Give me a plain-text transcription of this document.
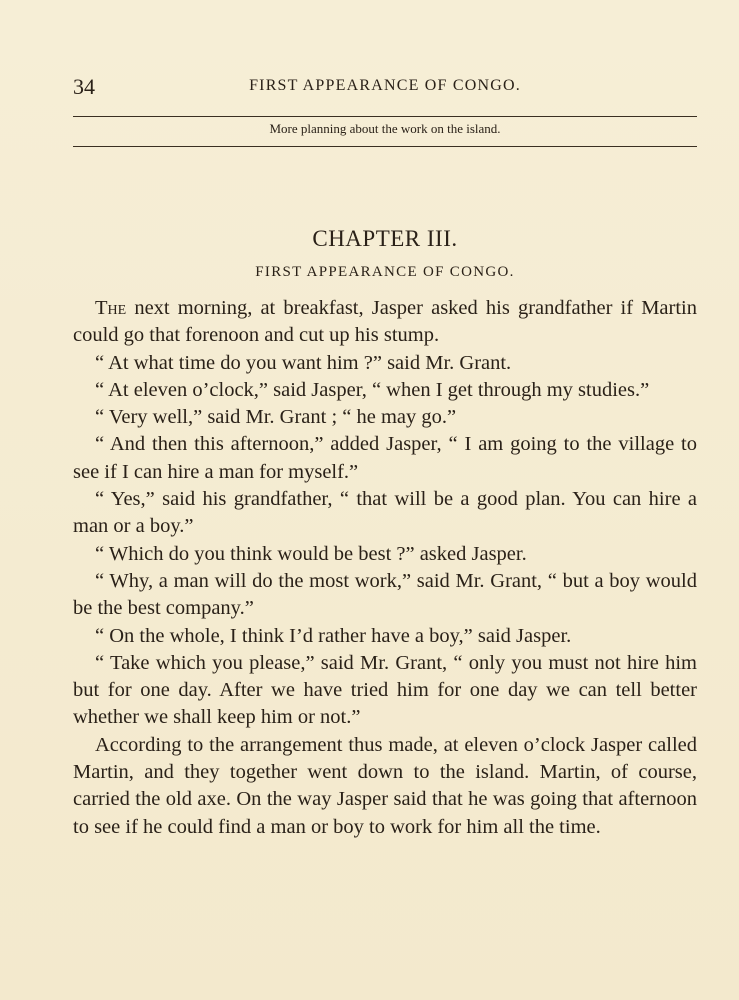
34	FIRST APPEARANCE OF CONGO.
More planning about the work on the island.
CHAPTER III.
FIRST APPEARANCE OF CONGO.

The next morning, at breakfast, Jasper asked his grandfather if Martin could go that forenoon and cut up his stump.

“ At what time do you want him ?” said Mr. Grant.

“ At eleven o’clock,” said Jasper, “ when I get through my studies.”

“ Very well,” said Mr. Grant ; “ he may go.”

“ And then this afternoon,” added Jasper, “ I am going to the village to see if I can hire a man for myself.”

“ Yes,” said his grandfather, “ that will be a good plan. You can hire a man or a boy.”

“ Which do you think would be best ?” asked Jasper.

“ Why, a man will do the most work,” said Mr. Grant, “ but a boy would be the best company.”

“ On the whole, I think I’d rather have a boy,” said Jasper.

“ Take which you please,” said Mr. Grant, “ only you must not hire him but for one day. After we have tried him for one day we can tell better whether we shall keep him or not.”

According to the arrangement thus made, at eleven o’clock Jasper called Martin, and they together went down to the island. Martin, of course, carried the old axe. On the way Jasper said that he was going that afternoon to see if he could find a man or boy to work for him all the time.
